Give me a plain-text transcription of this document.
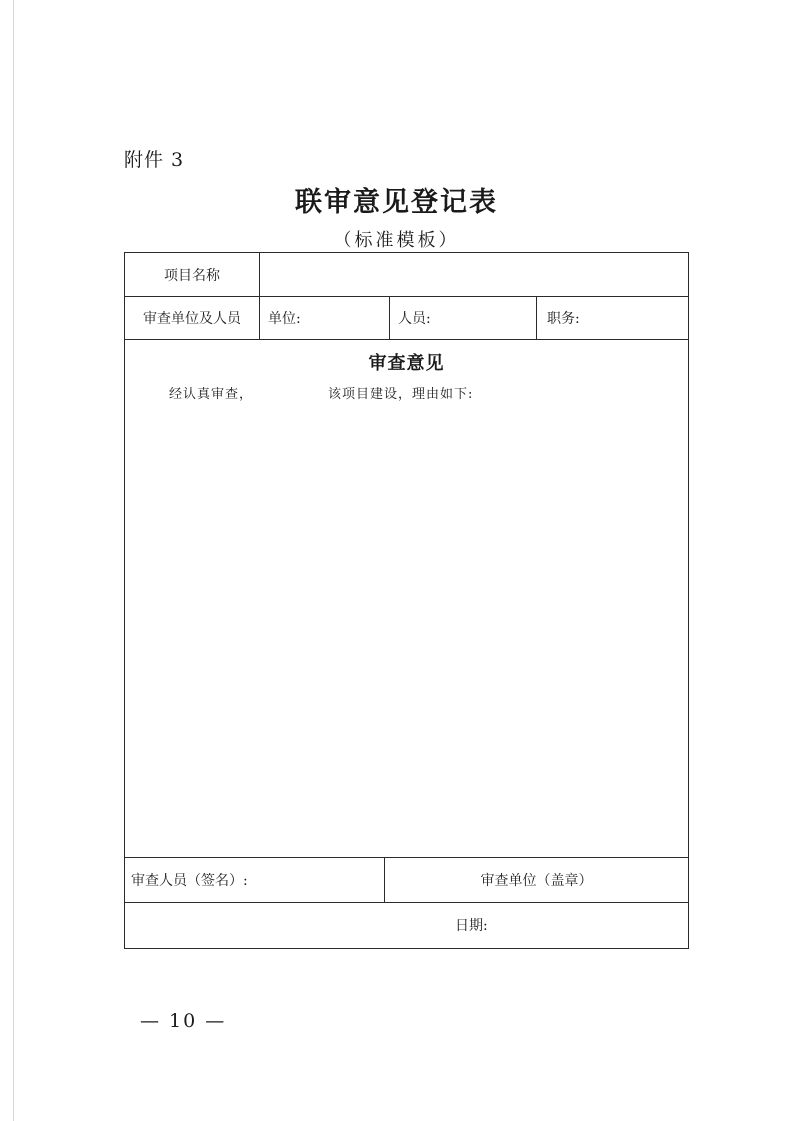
附件 3
联审意见登记表
（标准模板）
项目名称
审查单位及人员	单位:	人员:	职务:
审查意见
经认真审查，	该项目建设，理由如下:
审查人员（签名）:	审查单位（盖章）
日期:
— 10 —
